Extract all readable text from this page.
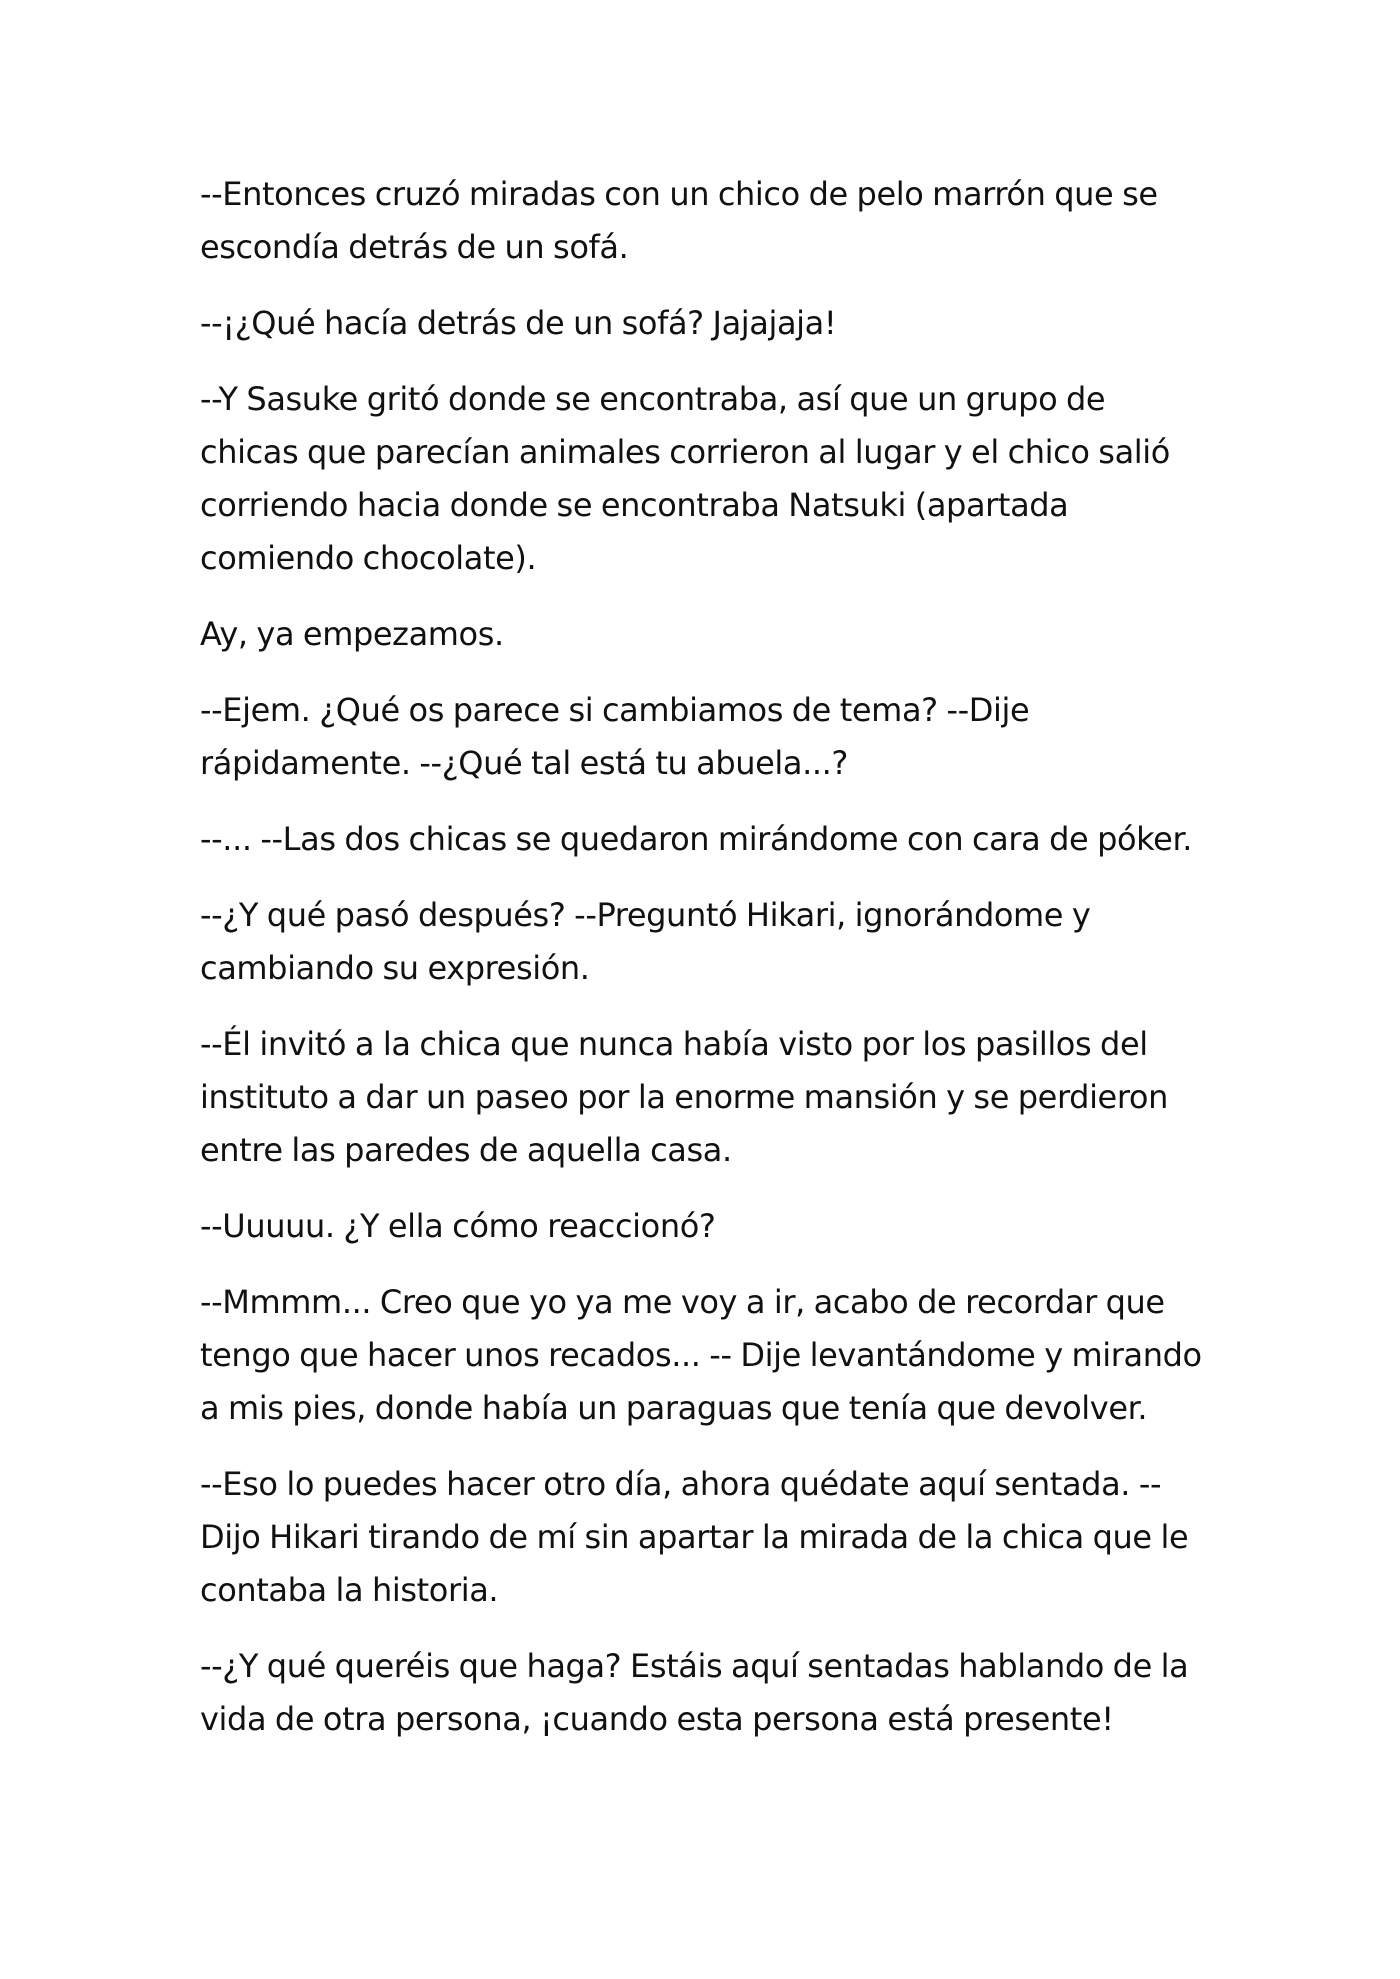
--Entonces cruzó miradas con un chico de pelo marrón que se escondía detrás de un sofá.

--¡¿Qué hacía detrás de un sofá? Jajajaja!

--Y Sasuke gritó donde se encontraba, así que un grupo de chicas que parecían animales corrieron al lugar y el chico salió corriendo hacia donde se encontraba Natsuki (apartada comiendo chocolate).

Ay, ya empezamos.

--Ejem. ¿Qué os parece si cambiamos de tema? --Dije rápidamente. --¿Qué tal está tu abuela...?

--... --Las dos chicas se quedaron mirándome con cara de póker.

--¿Y qué pasó después? --Preguntó Hikari, ignorándome y cambiando su expresión.

--Él invitó a la chica que nunca había visto por los pasillos del instituto a dar un paseo por la enorme mansión y se perdieron entre las paredes de aquella casa.

--Uuuuu. ¿Y ella cómo reaccionó?

--Mmmm... Creo que yo ya me voy a ir, acabo de recordar que tengo que hacer unos recados... -- Dije levantándome y mirando a mis pies, donde había un paraguas que tenía que devolver.

--Eso lo puedes hacer otro día, ahora quédate aquí sentada. -- Dijo Hikari tirando de mí sin apartar la mirada de la chica que le contaba la historia.

--¿Y qué queréis que haga? Estáis aquí sentadas hablando de la vida de otra persona, ¡cuando esta persona está presente!
